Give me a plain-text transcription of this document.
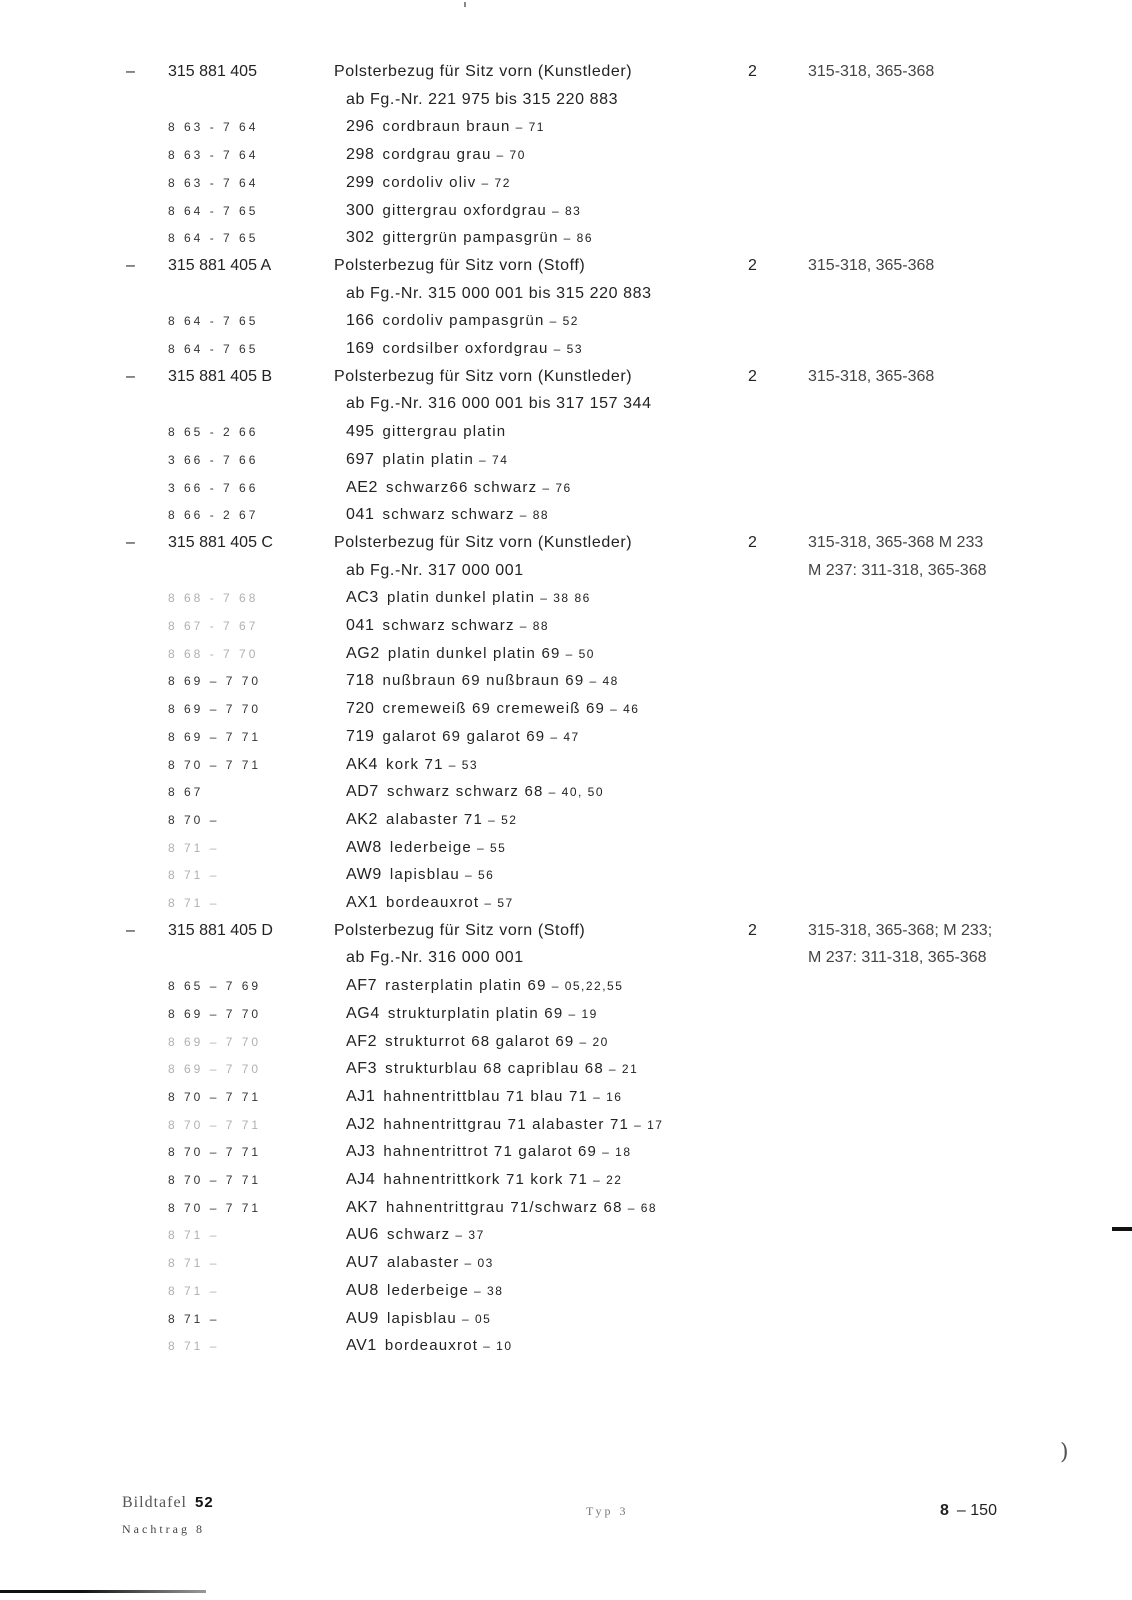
– 315 881 405	Polsterbezug für Sitz vorn (Kunstleder)	2	315-318, 365-368
ab Fg.-Nr. 221 975 bis 315 220 883
8 63 - 7 64	296 cordbraun braun – 71
8 63 - 7 64	298 cordgrau grau – 70
8 63 - 7 64	299 cordoliv oliv – 72
8 64 - 7 65	300 gittergrau oxfordgrau – 83
8 64 - 7 65	302 gittergrün pampasgrün – 86
– 315 881 405 A	Polsterbezug für Sitz vorn (Stoff)	2	315-318, 365-368
ab Fg.-Nr. 315 000 001 bis 315 220 883
8 64 - 7 65	166 cordoliv pampasgrün – 52
8 64 - 7 65	169 cordsilber oxfordgrau – 53
– 315 881 405 B	Polsterbezug für Sitz vorn (Kunstleder)	2	315-318, 365-368
ab Fg.-Nr. 316 000 001 bis 317 157 344
8 65 - 2 66	495 gittergrau platin
3 66 - 7 66	697 platin platin – 74
3 66 - 7 66	AE2 schwarz66 schwarz – 76
8 66 - 2 67	041 schwarz schwarz – 88
– 315 881 405 C	Polsterbezug für Sitz vorn (Kunstleder)	2	315-318, 365-368 M 233
ab Fg.-Nr. 317 000 001	M 237: 311-318, 365-368
8 68 - 7 68	AC3 platin dunkel platin – 38 86
8 67 - 7 67	041 schwarz schwarz – 88
8 68 - 7 70	AG2 platin dunkel platin 69 – 50
8 69 – 7 70	718 nußbraun 69 nußbraun 69 – 48
8 69 – 7 70	720 cremeweiß 69 cremeweiß 69 – 46
8 69 – 7 71	719 galarot 69 galarot 69 – 47
8 70 – 7 71	AK4 kork 71 – 53
8 67	AD7 schwarz schwarz 68 – 40, 50
8 70 –	AK2 alabaster 71 – 52
8 71 –	AW8 lederbeige – 55
8 71 –	AW9 lapisblau – 56
8 71 –	AX1 bordeauxrot – 57
– 315 881 405 D	Polsterbezug für Sitz vorn (Stoff)	2	315-318, 365-368; M 233;
ab Fg.-Nr. 316 000 001	M 237: 311-318, 365-368
8 65 – 7 69	AF7 rasterplatin platin 69 – 05,22,55
8 69 – 7 70	AG4 strukturplatin platin 69 – 19
8 69 – 7 70	AF2 strukturrot 68 galarot 69 – 20
8 69 – 7 70	AF3 strukturblau 68 capriblau 68 – 21
8 70 – 7 71	AJ1 hahnentrittblau 71 blau 71 – 16
8 70 – 7 71	AJ2 hahnentrittgrau 71 alabaster 71 – 17
8 70 – 7 71	AJ3 hahnentrittrot 71 galarot 69 – 18
8 70 – 7 71	AJ4 hahnentrittkork 71 kork 71 – 22
8 70 – 7 71	AK7 hahnentrittgrau 71/schwarz 68 – 68
8 71 –	AU6 schwarz – 37
8 71 –	AU7 alabaster – 03
8 71 –	AU8 lederbeige – 38
8 71 –	AU9 lapisblau – 05
8 71 –	AV1 bordeauxrot – 10
Bildtafel 52
Nachtrag 8
Typ 3	8 – 150
)
